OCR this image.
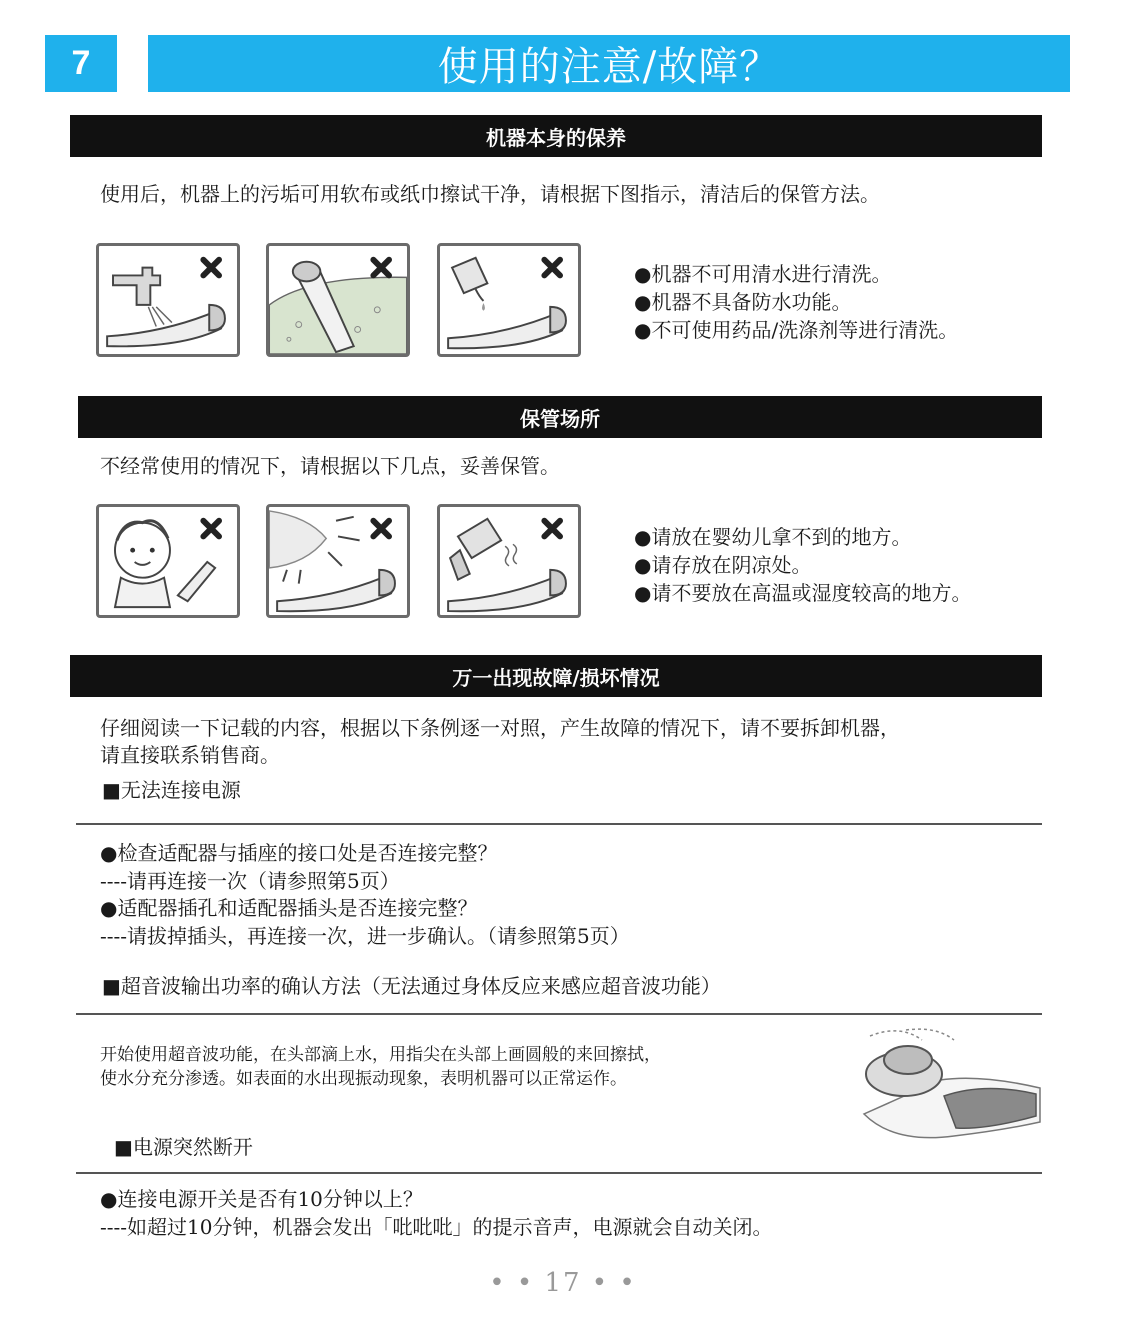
7	使用的注意/故障？
机器本身的保养
使用后，机器上的污垢可用软布或纸巾擦试干净，请根据下图指示，清洁后的保管方法。
●机器不可用清水进行清洗。
●机器不具备防水功能。
●不可使用药品/洗涤剂等进行清洗。
保管场所
不经常使用的情况下，请根据以下几点，妥善保管。
●请放在婴幼儿拿不到的地方。
●请存放在阴凉处。
●请不要放在高温或湿度较高的地方。
万一出现故障/损坏情况
仔细阅读一下记载的内容，根据以下条例逐一对照，产生故障的情况下，请不要拆卸机器，
请直接联系销售商。
■无法连接电源
●检查适配器与插座的接口处是否连接完整？
----请再连接一次（请参照第5页）
●适配器插孔和适配器插头是否连接完整？
----请拔掉插头，再连接一次，进一步确认。（请参照第5页）
■超音波输出功率的确认方法（无法通过身体反应来感应超音波功能）
开始使用超音波功能，在头部滴上水，用指尖在头部上画圆般的来回擦拭，
使水分充分渗透。如表面的水出现振动现象，表明机器可以正常运作。
■电源突然断开
●连接电源开关是否有10分钟以上？
----如超过10分钟，机器会发出「吡吡吡」的提示音声，电源就会自动关闭。
• • 17 • •
